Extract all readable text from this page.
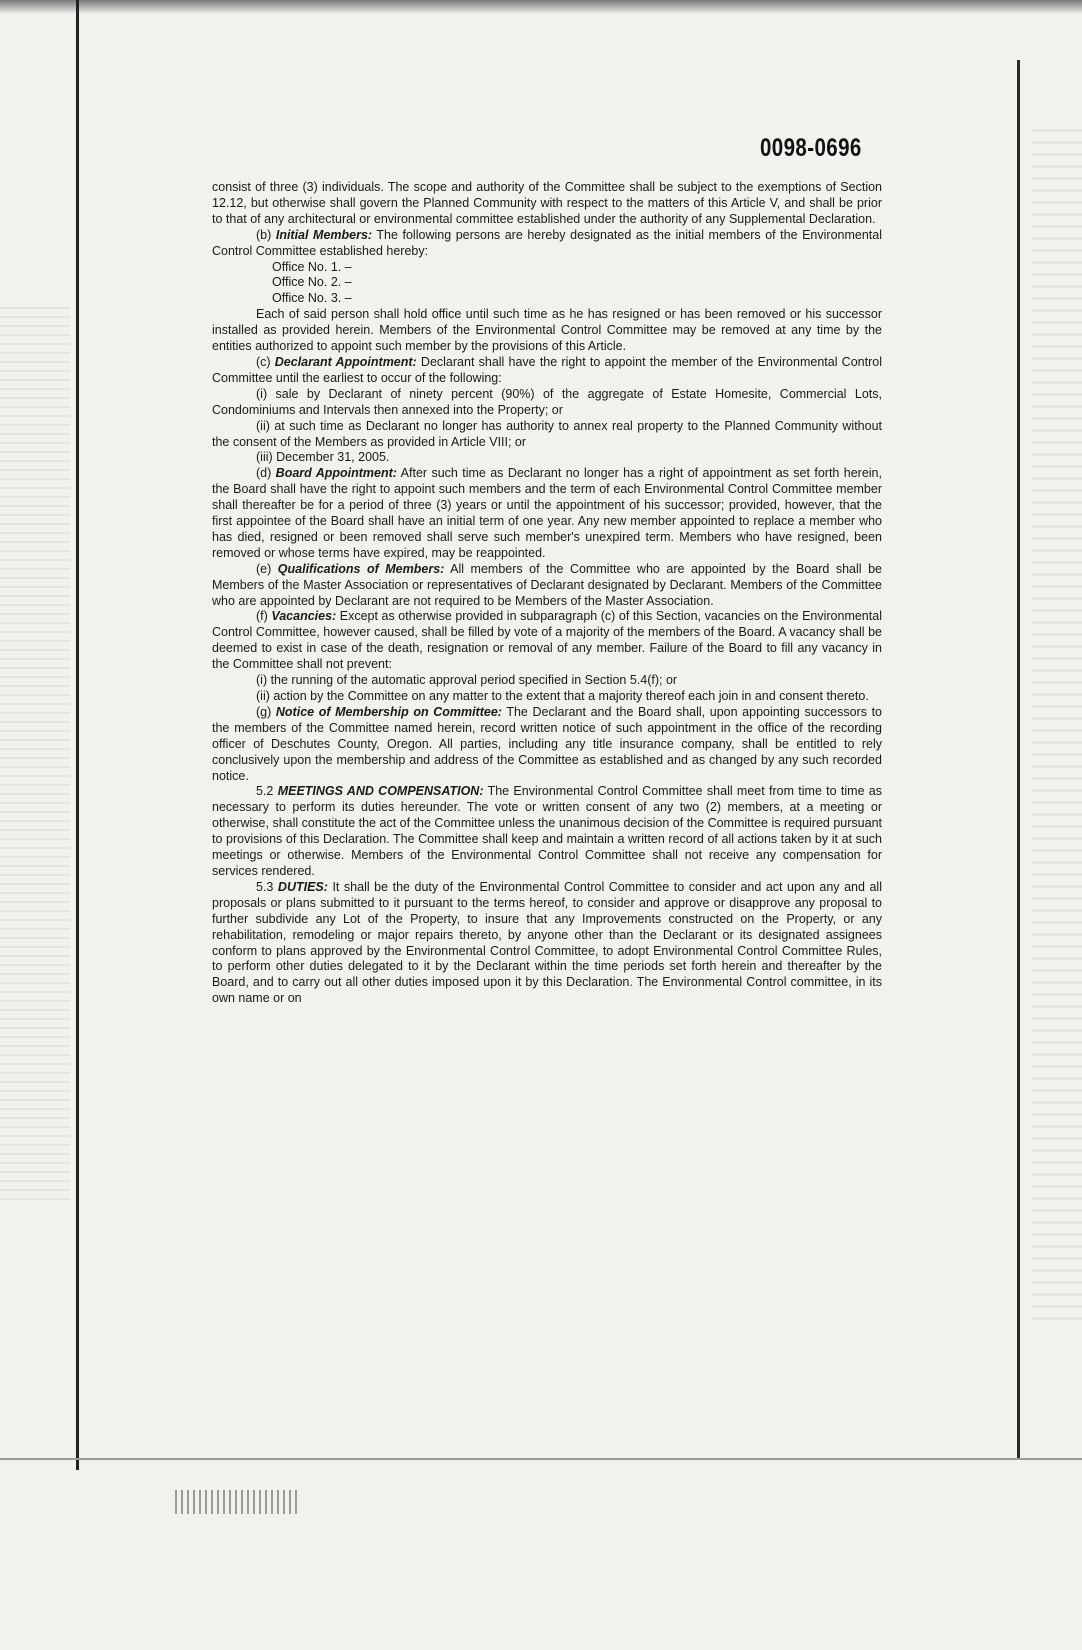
0098-0696

consist of three (3) individuals. The scope and authority of the Committee shall be subject to the exemptions of Section 12.12, but otherwise shall govern the Planned Community with respect to the matters of this Article V, and shall be prior to that of any architectural or environmental committee established under the authority of any Supplemental Declaration.

(b) Initial Members: The following persons are hereby designated as the initial members of the Environmental Control Committee established hereby:

Office No. 1. –

Office No. 2. –

Office No. 3. –

Each of said person shall hold office until such time as he has resigned or has been removed or his successor installed as provided herein. Members of the Environmental Control Committee may be removed at any time by the entities authorized to appoint such member by the provisions of this Article.

(c) Declarant Appointment: Declarant shall have the right to appoint the member of the Environmental Control Committee until the earliest to occur of the following:

(i) sale by Declarant of ninety percent (90%) of the aggregate of Estate Homesite, Commercial Lots, Condominiums and Intervals then annexed into the Property; or

(ii) at such time as Declarant no longer has authority to annex real property to the Planned Community without the consent of the Members as provided in Article VIII; or

(iii) December 31, 2005.

(d) Board Appointment: After such time as Declarant no longer has a right of appointment as set forth herein, the Board shall have the right to appoint such members and the term of each Environmental Control Committee member shall thereafter be for a period of three (3) years or until the appointment of his successor; provided, however, that the first appointee of the Board shall have an initial term of one year. Any new member appointed to replace a member who has died, resigned or been removed shall serve such member's unexpired term. Members who have resigned, been removed or whose terms have expired, may be reappointed.

(e) Qualifications of Members: All members of the Committee who are appointed by the Board shall be Members of the Master Association or representatives of Declarant designated by Declarant. Members of the Committee who are appointed by Declarant are not required to be Members of the Master Association.

(f) Vacancies: Except as otherwise provided in subparagraph (c) of this Section, vacancies on the Environmental Control Committee, however caused, shall be filled by vote of a majority of the members of the Board. A vacancy shall be deemed to exist in case of the death, resignation or removal of any member. Failure of the Board to fill any vacancy in the Committee shall not prevent:

(i) the running of the automatic approval period specified in Section 5.4(f); or

(ii) action by the Committee on any matter to the extent that a majority thereof each join in and consent thereto.

(g) Notice of Membership on Committee: The Declarant and the Board shall, upon appointing successors to the members of the Committee named herein, record written notice of such appointment in the office of the recording officer of Deschutes County, Oregon. All parties, including any title insurance company, shall be entitled to rely conclusively upon the membership and address of the Committee as established and as changed by any such recorded notice.

5.2 MEETINGS AND COMPENSATION: The Environmental Control Committee shall meet from time to time as necessary to perform its duties hereunder. The vote or written consent of any two (2) members, at a meeting or otherwise, shall constitute the act of the Committee unless the unanimous decision of the Committee is required pursuant to provisions of this Declaration. The Committee shall keep and maintain a written record of all actions taken by it at such meetings or otherwise. Members of the Environmental Control Committee shall not receive any compensation for services rendered.

5.3 DUTIES: It shall be the duty of the Environmental Control Committee to consider and act upon any and all proposals or plans submitted to it pursuant to the terms hereof, to consider and approve or disapprove any proposal to further subdivide any Lot of the Property, to insure that any Improvements constructed on the Property, or any rehabilitation, remodeling or major repairs thereto, by anyone other than the Declarant or its designated assignees conform to plans approved by the Environmental Control Committee, to adopt Environmental Control Committee Rules, to perform other duties delegated to it by the Declarant within the time periods set forth herein and thereafter by the Board, and to carry out all other duties imposed upon it by this Declaration. The Environmental Control committee, in its own name or on
